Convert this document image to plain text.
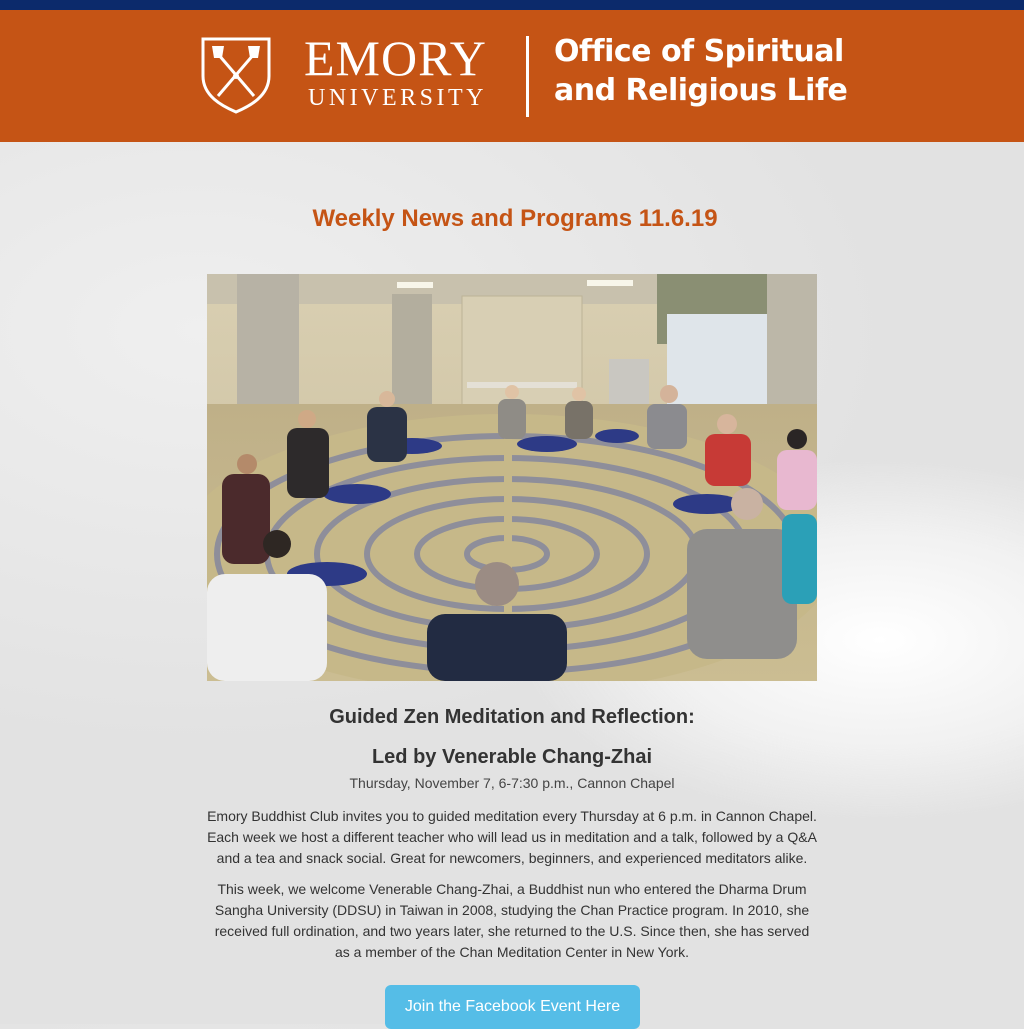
EMORY
UNIVERSITY
Office of Spiritual
and Religious Life
Weekly News and Programs 11.6.19
Guided Zen Meditation and Reflection:
Led by Venerable Chang-Zhai
Thursday, November 7, 6-7:30 p.m., Cannon Chapel
Emory Buddhist Club invites you to guided meditation every Thursday at 6 p.m. in Cannon Chapel.
Each week we host a different teacher who will lead us in meditation and a talk, followed by a Q&A
and a tea and snack social. Great for newcomers, beginners, and experienced meditators alike.
This week, we welcome Venerable Chang-Zhai, a Buddhist nun who entered the Dharma Drum
Sangha University (DDSU) in Taiwan in 2008, studying the Chan Practice program. In 2010, she
received full ordination, and two years later, she returned to the U.S. Since then, she has served
as a member of the Chan Meditation Center in New York.
Join the Facebook Event Here
